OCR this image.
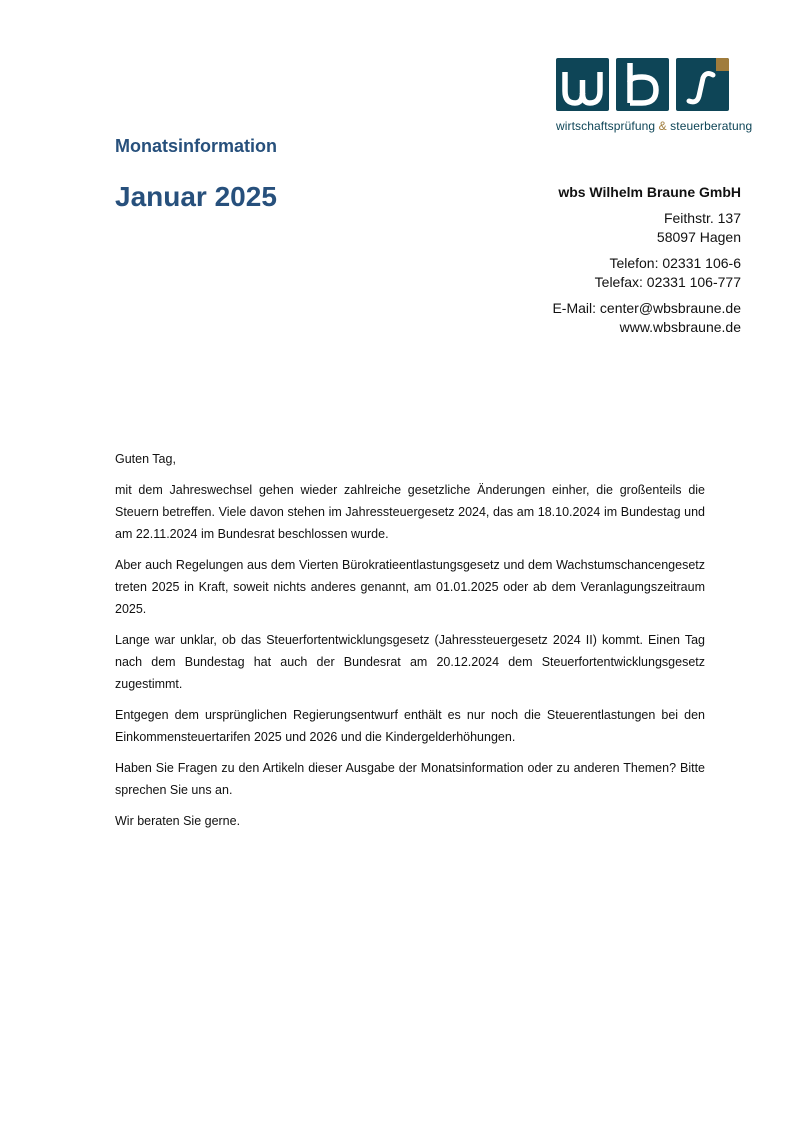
wirtschaftsprüfung & steuerberatung
Monatsinformation
Januar 2025	wbs Wilhelm Braune GmbH
Feithstr. 137
58097 Hagen
Telefon: 02331 106-6
Telefax: 02331 106-777
E-Mail: center@wbsbraune.de
www.wbsbraune.de

Guten Tag,

mit dem Jahreswechsel gehen wieder zahlreiche gesetzliche Änderungen einher, die großenteils die Steuern betreffen. Viele davon stehen im Jahressteuergesetz 2024, das am 18.10.2024 im Bundestag und am 22.11.2024 im Bundesrat beschlossen wurde.

Aber auch Regelungen aus dem Vierten Bürokratieentlastungsgesetz und dem Wachstumschancengesetz treten 2025 in Kraft, soweit nichts anderes genannt, am 01.01.2025 oder ab dem Veranlagungszeitraum 2025.

Lange war unklar, ob das Steuerfortentwicklungsgesetz (Jahressteuergesetz 2024 II) kommt. Einen Tag nach dem Bundestag hat auch der Bundesrat am 20.12.2024 dem Steuerfortentwicklungsgesetz zugestimmt.

Entgegen dem ursprünglichen Regierungsentwurf enthält es nur noch die Steuerentlastungen bei den Einkommensteuertarifen 2025 und 2026 und die Kindergelderhöhungen.

Haben Sie Fragen zu den Artikeln dieser Ausgabe der Monatsinformation oder zu anderen Themen? Bitte sprechen Sie uns an.

Wir beraten Sie gerne.
